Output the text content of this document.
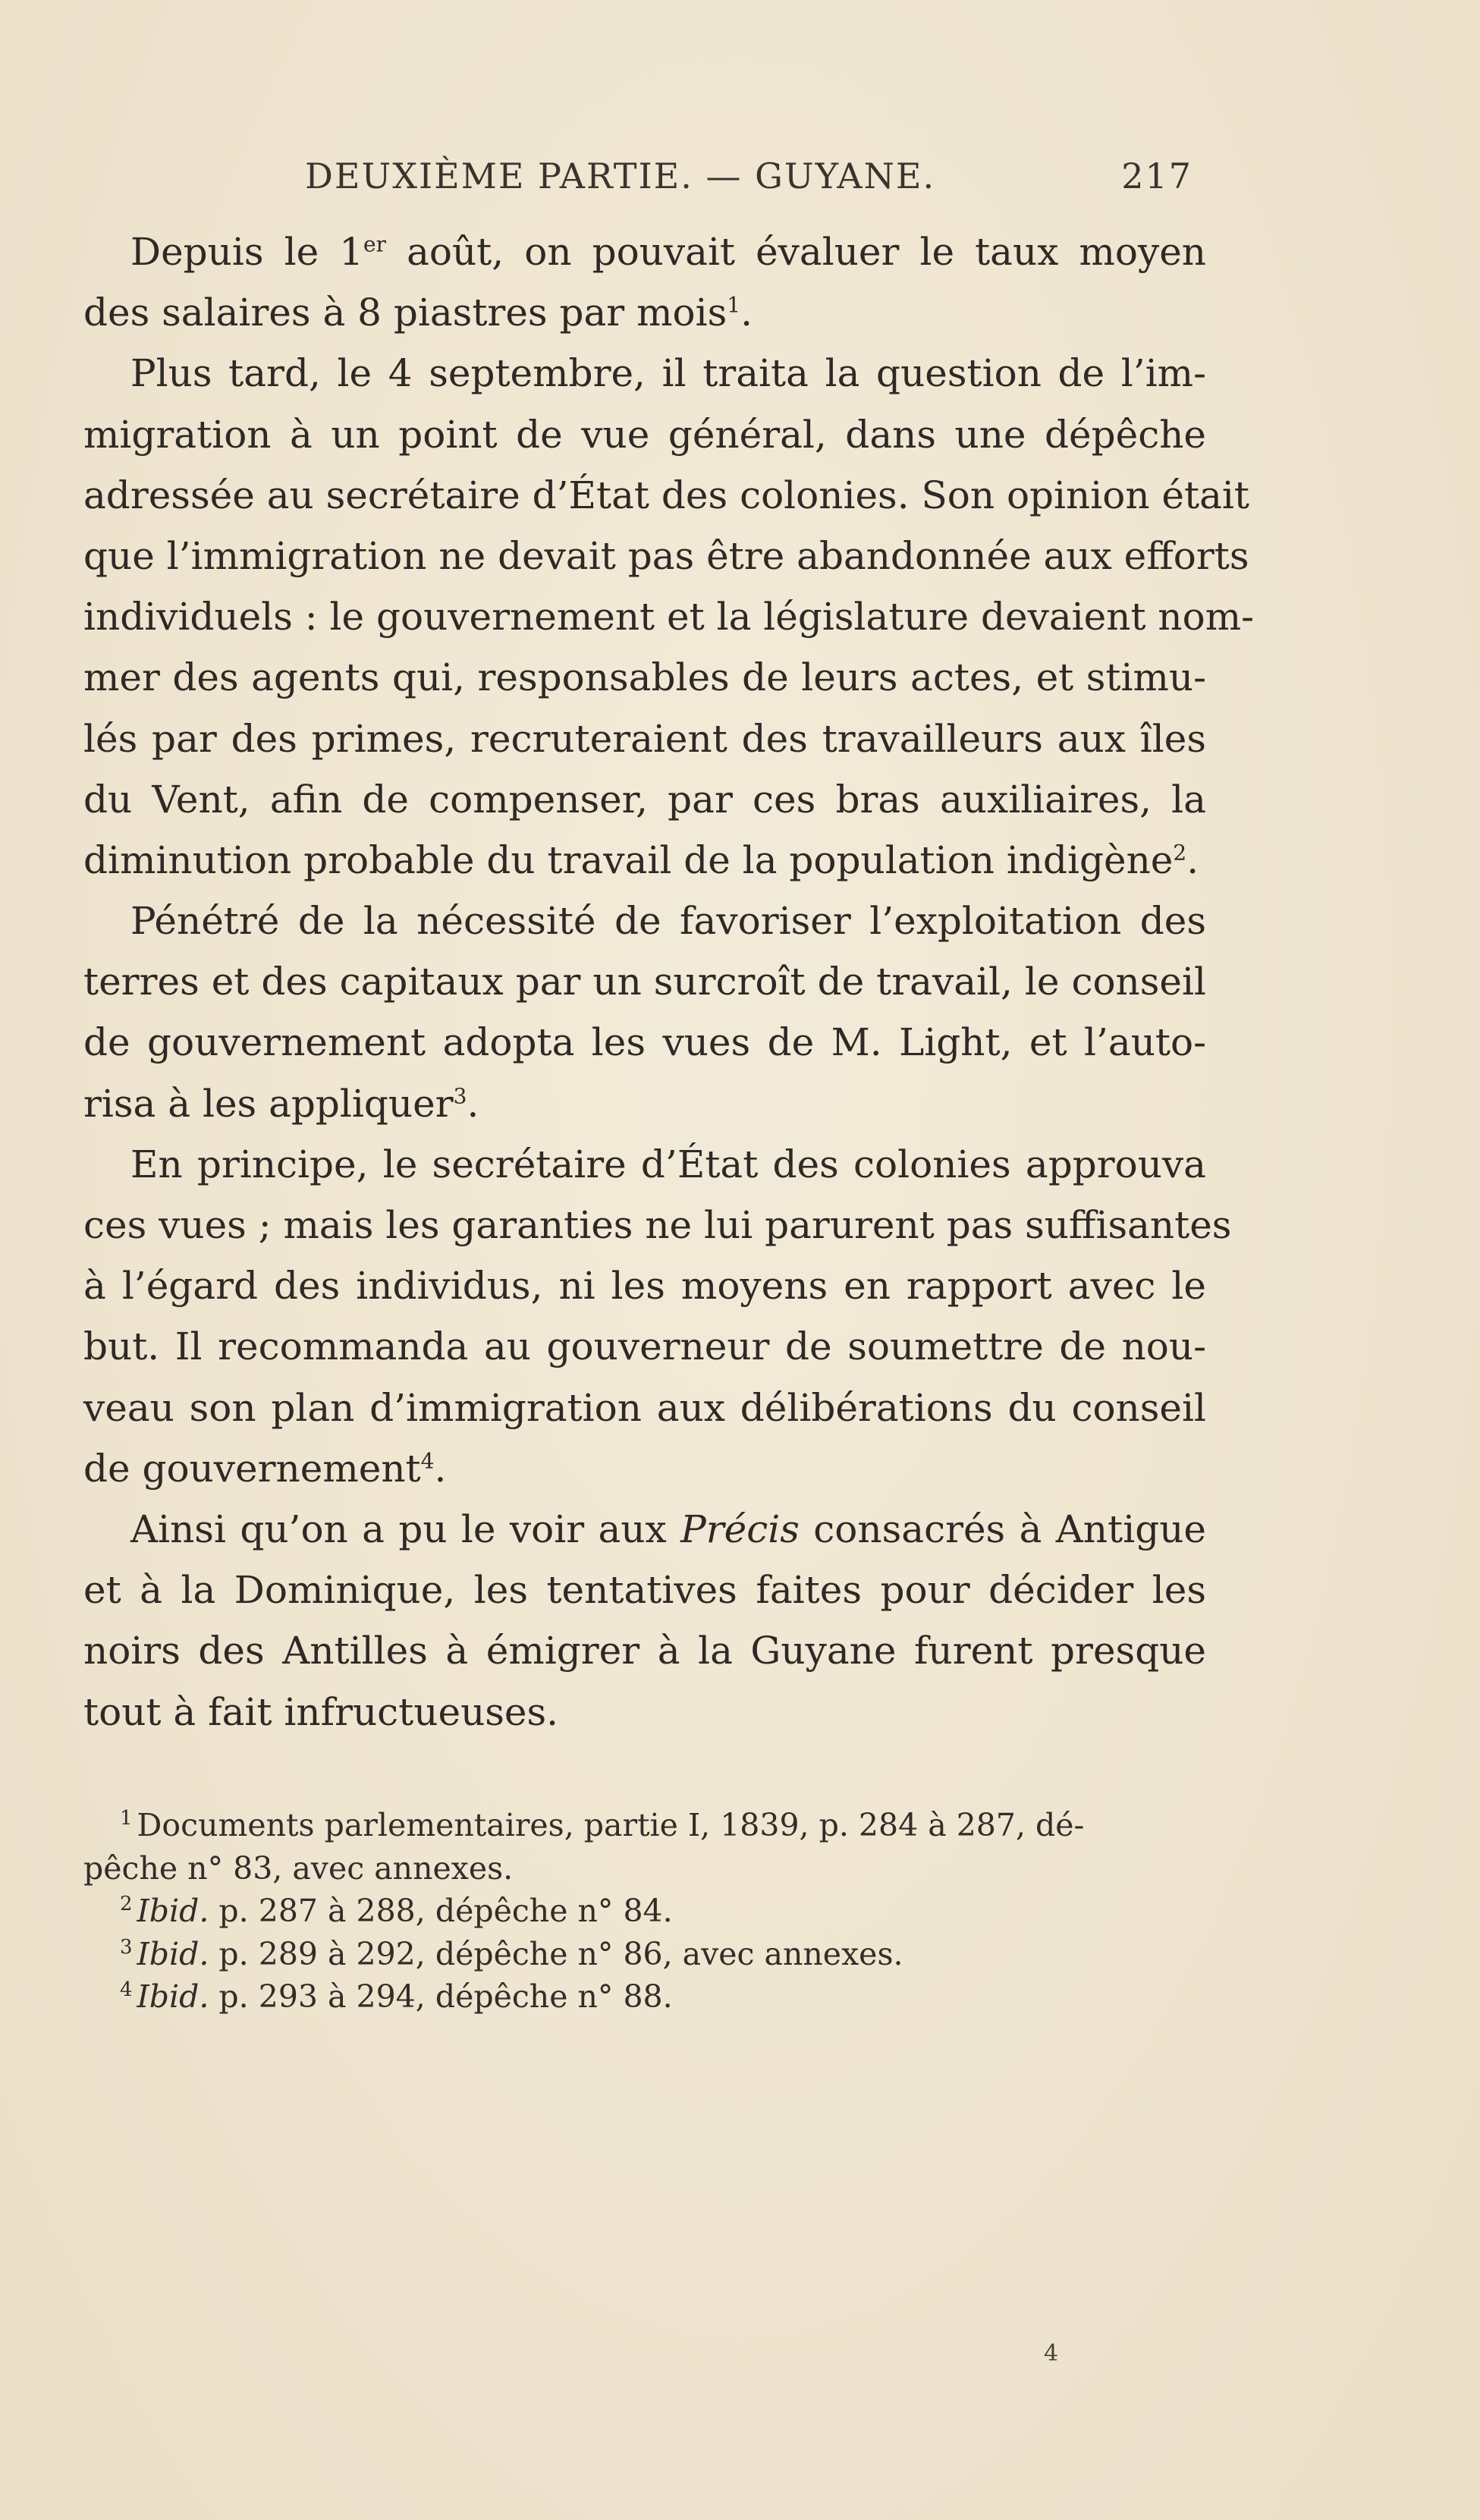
DEUXIÈME PARTIE. — GUYANE.	217
Depuis le 1er août, on pouvait évaluer le taux moyen
des salaires à 8 piastres par mois$^1$.
Plus tard, le 4 septembre, il traita la question de l’im-
migration à un point de vue général, dans une dépêche
adressée au secrétaire d’État des colonies. Son opinion était
que l’immigration ne devait pas être abandonnée aux efforts
individuels : le gouvernement et la législature devaient nom-
mer des agents qui, responsables de leurs actes, et stimu-
lés par des primes, recruteraient des travailleurs aux îles
du Vent, afin de compenser, par ces bras auxiliaires, la
diminution probable du travail de la population indigène$^2$.
Pénétré de la nécessité de favoriser l’exploitation des
terres et des capitaux par un surcroît de travail, le conseil
de gouvernement adopta les vues de M. Light, et l’auto-
risa à les appliquer$^3$.
En principe, le secrétaire d’État des colonies approuva
ces vues ; mais les garanties ne lui parurent pas suffisantes
à l’égard des individus, ni les moyens en rapport avec le
but. Il recommanda au gouverneur de soumettre de nou-
veau son plan d’immigration aux délibérations du conseil
de gouvernement$^4$.
Ainsi qu’on a pu le voir aux Précis consacrés à Antigue
et à la Dominique, les tentatives faites pour décider les
noirs des Antilles à émigrer à la Guyane furent presque
tout à fait infructueuses.
$^1$ Documents parlementaires, partie I, 1839, p. 284 à 287, dé-
pêche n° 83, avec annexes.
$^2$ Ibid. p. 287 à 288, dépêche n° 84.
$^3$ Ibid. p. 289 à 292, dépêche n° 86, avec annexes.
$^4$ Ibid. p. 293 à 294, dépêche n° 88.
4
